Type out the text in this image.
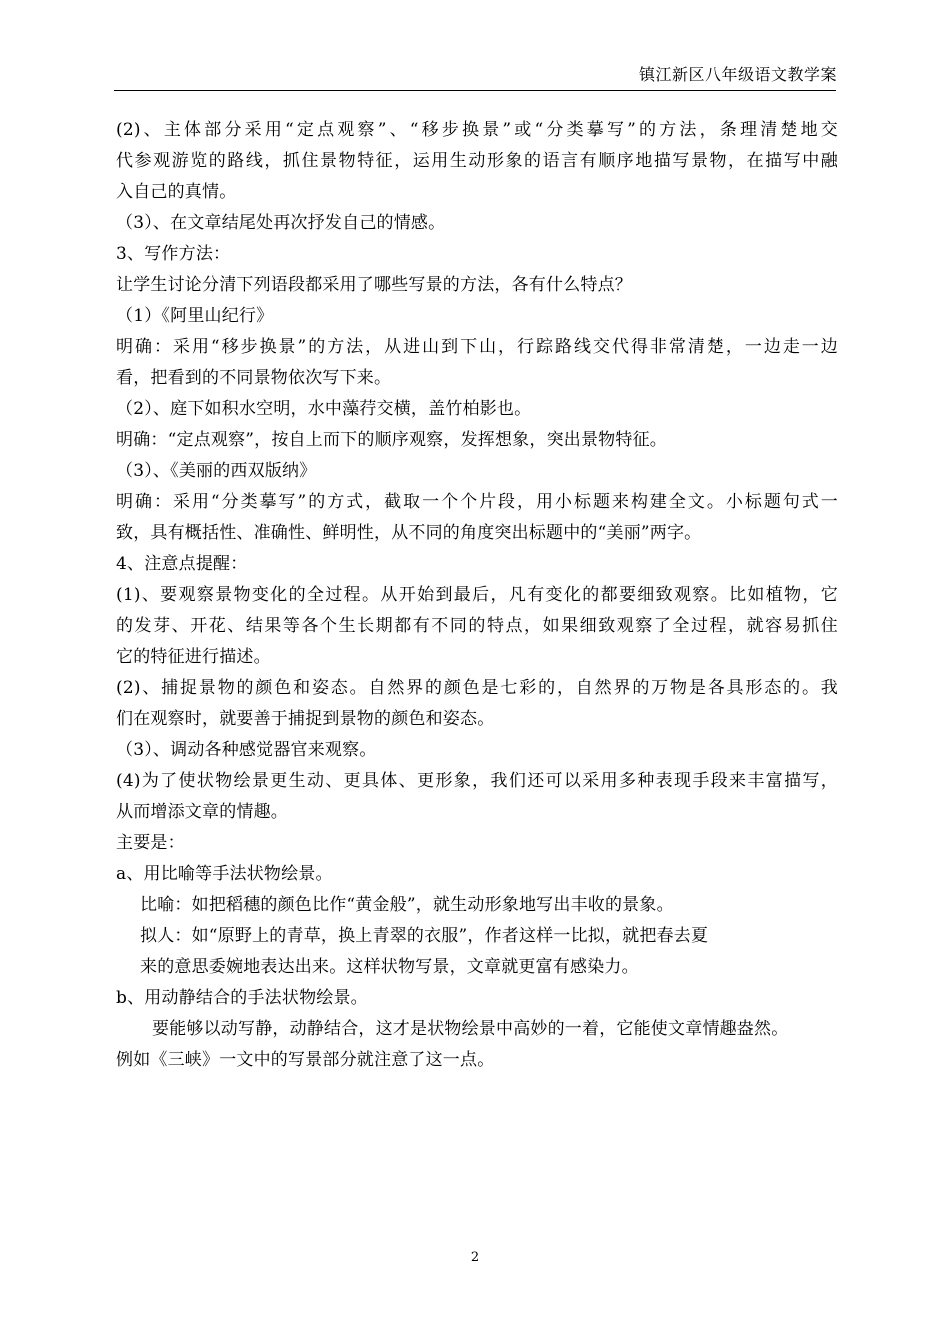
镇江新区八年级语文教学案
(2)、主体部分采用“定点观察”、“移步换景”或“分类摹写”的方法，条理清楚地交
代参观游览的路线，抓住景物特征，运用生动形象的语言有顺序地描写景物，在描写中融
入自己的真情。
（3）、在文章结尾处再次抒发自己的情感。
3、写作方法：
让学生讨论分清下列语段都采用了哪些写景的方法，各有什么特点？
（1）《阿里山纪行》
明确：采用“移步换景”的方法，从进山到下山，行踪路线交代得非常清楚，一边走一边
看，把看到的不同景物依次写下来。
（2）、庭下如积水空明，水中藻荇交横，盖竹柏影也。
明确：“定点观察”，按自上而下的顺序观察，发挥想象，突出景物特征。
（3）、《美丽的西双版纳》
明确：采用“分类摹写”的方式，截取一个个片段，用小标题来构建全文。小标题句式一
致，具有概括性、准确性、鲜明性，从不同的角度突出标题中的“美丽”两字。
4、注意点提醒：
(1)、要观察景物变化的全过程。从开始到最后，凡有变化的都要细致观察。比如植物，它
的发芽、开花、结果等各个生长期都有不同的特点，如果细致观察了全过程，就容易抓住
它的特征进行描述。
(2)、捕捉景物的颜色和姿态。自然界的颜色是七彩的，自然界的万物是各具形态的。我
们在观察时，就要善于捕捉到景物的颜色和姿态。
（3）、调动各种感觉器官来观察。
(4)为了使状物绘景更生动、更具体、更形象，我们还可以采用多种表现手段来丰富描写，
从而增添文章的情趣。
主要是：
a、用比喻等手法状物绘景。
比喻：如把稻穗的颜色比作“黄金般”，就生动形象地写出丰收的景象。
拟人：如“原野上的青草，换上青翠的衣服”，作者这样一比拟，就把春去夏
来的意思委婉地表达出来。这样状物写景，文章就更富有感染力。
b、用动静结合的手法状物绘景。
要能够以动写静，动静结合，这才是状物绘景中高妙的一着，它能使文章情趣盎然。
例如《三峡》一文中的写景部分就注意了这一点。
2
